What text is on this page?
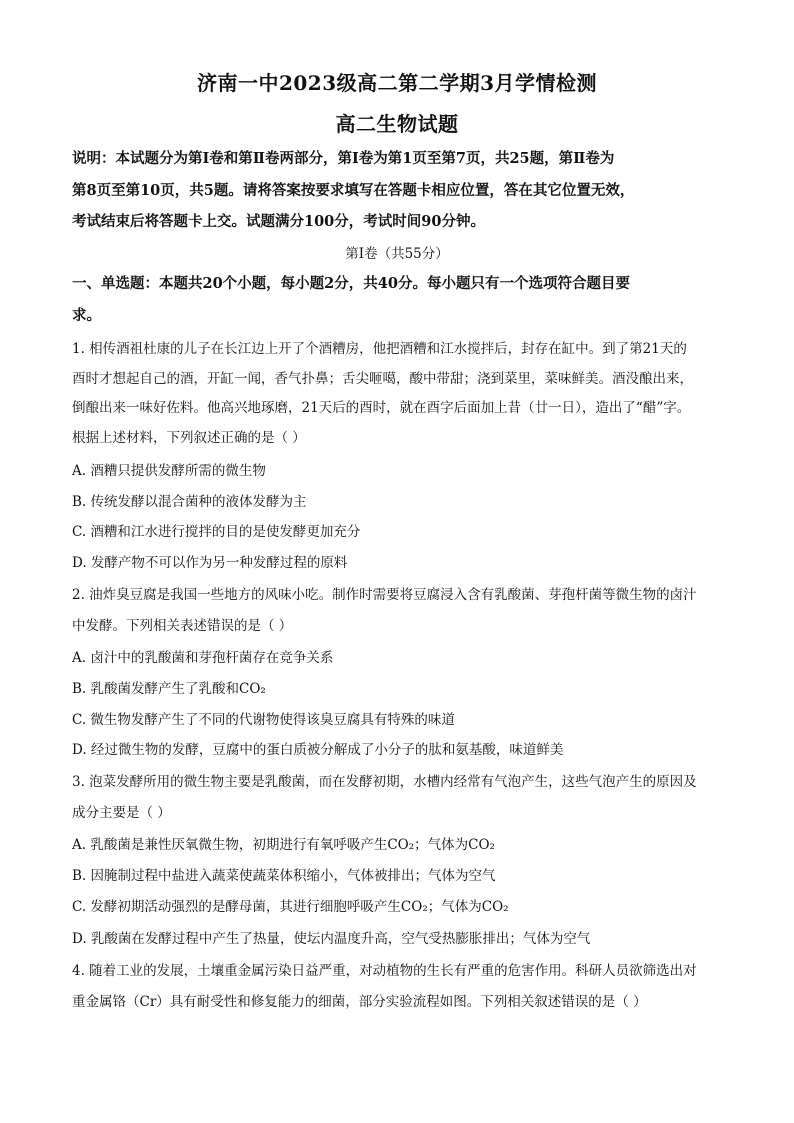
济南一中2023级高二第二学期3月学情检测
高二生物试题
说明：本试题分为第Ⅰ卷和第Ⅱ卷两部分，第Ⅰ卷为第1页至第7页，共25题，第Ⅱ卷为
第8页至第10页，共5题。请将答案按要求填写在答题卡相应位置，答在其它位置无效，
考试结束后将答题卡上交。试题满分100分，考试时间90分钟。
第Ⅰ卷（共55分）
一、单选题：本题共20个小题，每小题2分，共40分。每小题只有一个选项符合题目要
求。
1. 相传酒祖杜康的儿子在长江边上开了个酒糟房，他把酒糟和江水搅拌后，封存在缸中。到了第21天的
酉时才想起自己的酒，开缸一闻，香气扑鼻；舌尖咂噶，酸中带甜；浇到菜里，菜味鲜美。酒没酿出来，
倒酿出来一味好佐料。他高兴地琢磨，21天后的酉时，就在酉字后面加上昔（廿一日），造出了“醋”字。
根据上述材料，下列叙述正确的是（ ）
A. 酒糟只提供发酵所需的微生物
B. 传统发酵以混合菌种的液体发酵为主
C. 酒糟和江水进行搅拌的目的是使发酵更加充分
D. 发酵产物不可以作为另一种发酵过程的原料
2. 油炸臭豆腐是我国一些地方的风味小吃。制作时需要将豆腐浸入含有乳酸菌、芽孢杆菌等微生物的卤汁
中发酵。下列相关表述错误的是（ ）
A. 卤汁中的乳酸菌和芽孢杆菌存在竞争关系
B. 乳酸菌发酵产生了乳酸和CO₂
C. 微生物发酵产生了不同的代谢物使得该臭豆腐具有特殊的味道
D. 经过微生物的发酵，豆腐中的蛋白质被分解成了小分子的肽和氨基酸，味道鲜美
3. 泡菜发酵所用的微生物主要是乳酸菌，而在发酵初期，水槽内经常有气泡产生，这些气泡产生的原因及
成分主要是（ ）
A. 乳酸菌是兼性厌氧微生物，初期进行有氧呼吸产生CO₂；气体为CO₂
B. 因腌制过程中盐进入蔬菜使蔬菜体积缩小，气体被排出；气体为空气
C. 发酵初期活动强烈的是酵母菌，其进行细胞呼吸产生CO₂；气体为CO₂
D. 乳酸菌在发酵过程中产生了热量，使坛内温度升高，空气受热膨胀排出；气体为空气
4. 随着工业的发展，土壤重金属污染日益严重，对动植物的生长有严重的危害作用。科研人员欲筛选出对
重金属铬（Cr）具有耐受性和修复能力的细菌，部分实验流程如图。下列相关叙述错误的是（ ）
